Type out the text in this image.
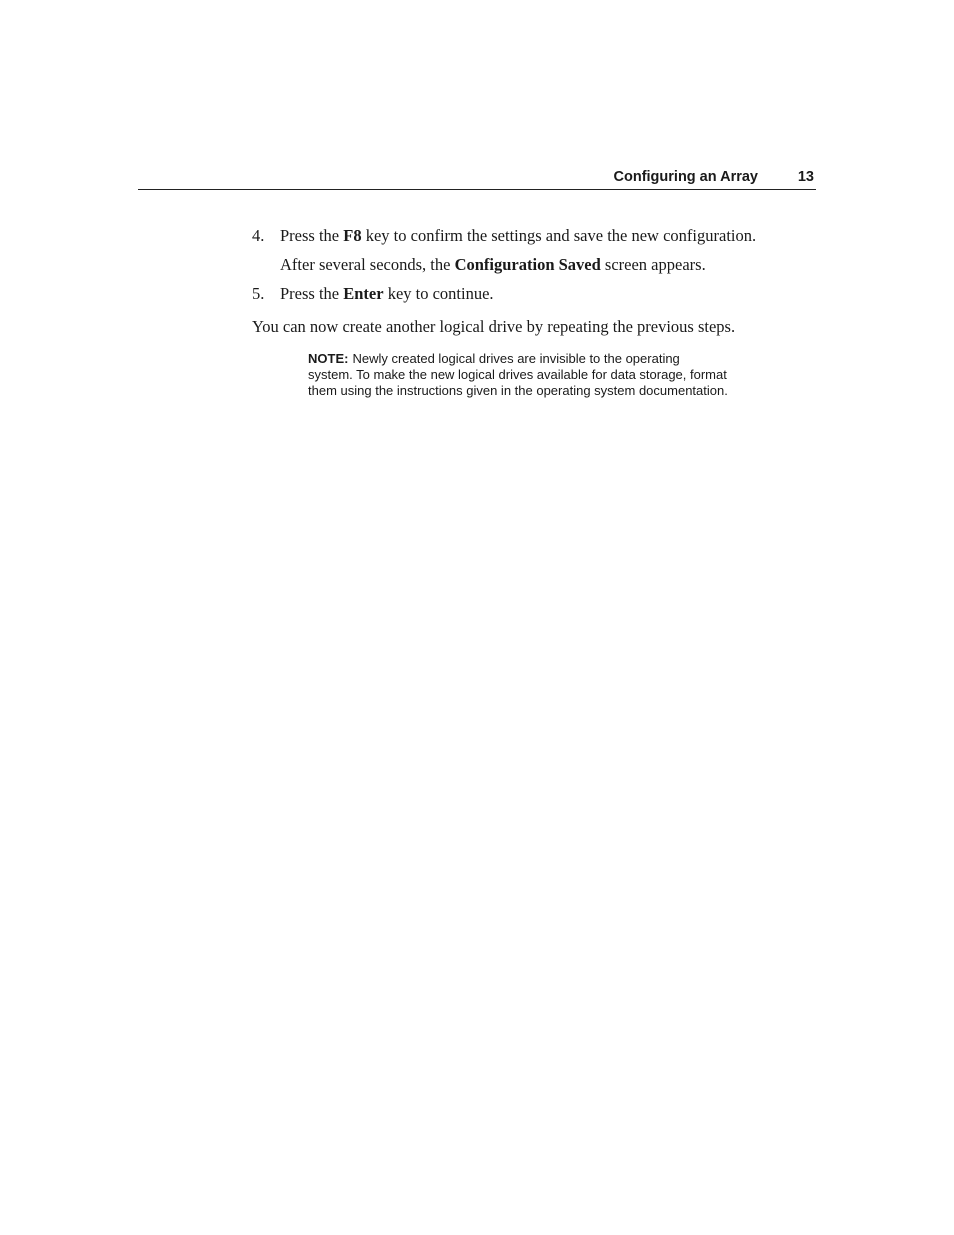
Configuring an Array	13
4. Press the F8 key to confirm the settings and save the new configuration.
After several seconds, the Configuration Saved screen appears.
5. Press the Enter key to continue.
You can now create another logical drive by repeating the previous steps.
NOTE: Newly created logical drives are invisible to the operating system. To make the new logical drives available for data storage, format them using the instructions given in the operating system documentation.
